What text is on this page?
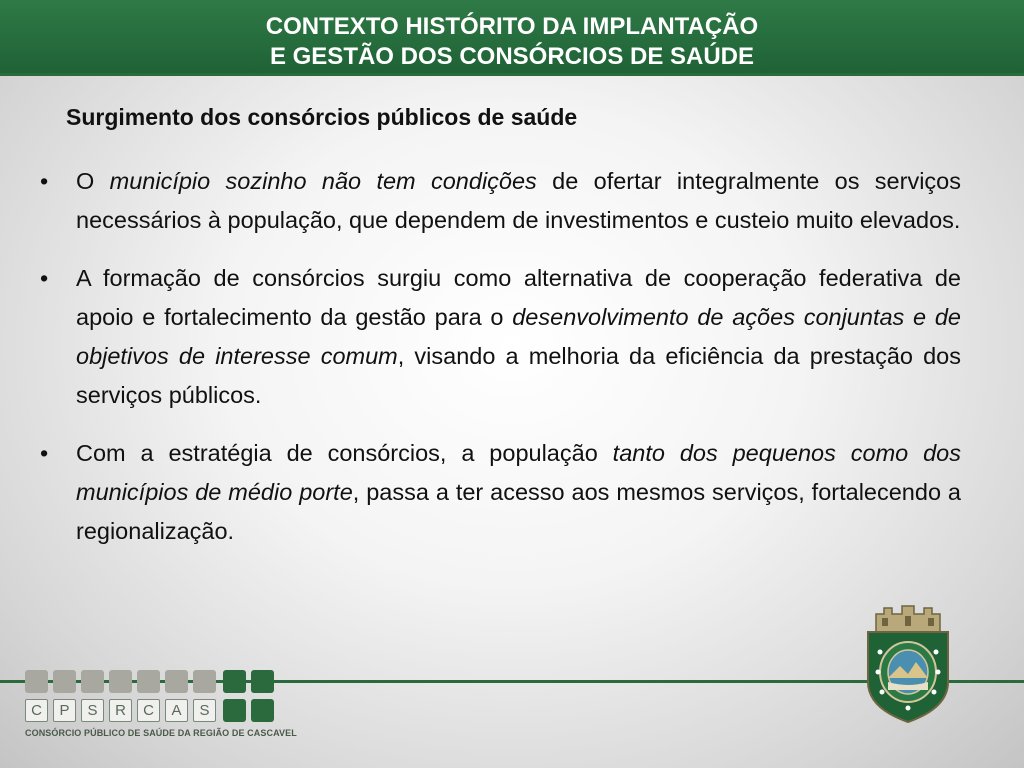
CONTEXTO HISTÓRITO DA IMPLANTAÇÃO
E GESTÃO DOS CONSÓRCIOS DE SAÚDE
Surgimento dos consórcios públicos de saúde
• O município sozinho não tem condições de ofertar integralmente os serviços necessários à população, que dependem de investimentos e custeio muito elevados.
• A formação de consórcios surgiu como alternativa de cooperação federativa de apoio e fortalecimento da gestão para o desenvolvimento de ações conjuntas e de objetivos de interesse comum, visando a melhoria da eficiência da prestação dos serviços públicos.
• Com a estratégia de consórcios, a população tanto dos pequenos como dos municípios de médio porte, passa a ter acesso aos mesmos serviços, fortalecendo a regionalização.
C	P	S	R	C	A	S
CONSÓRCIO PÚBLICO DE SAÚDE DA REGIÃO DE CASCAVEL
